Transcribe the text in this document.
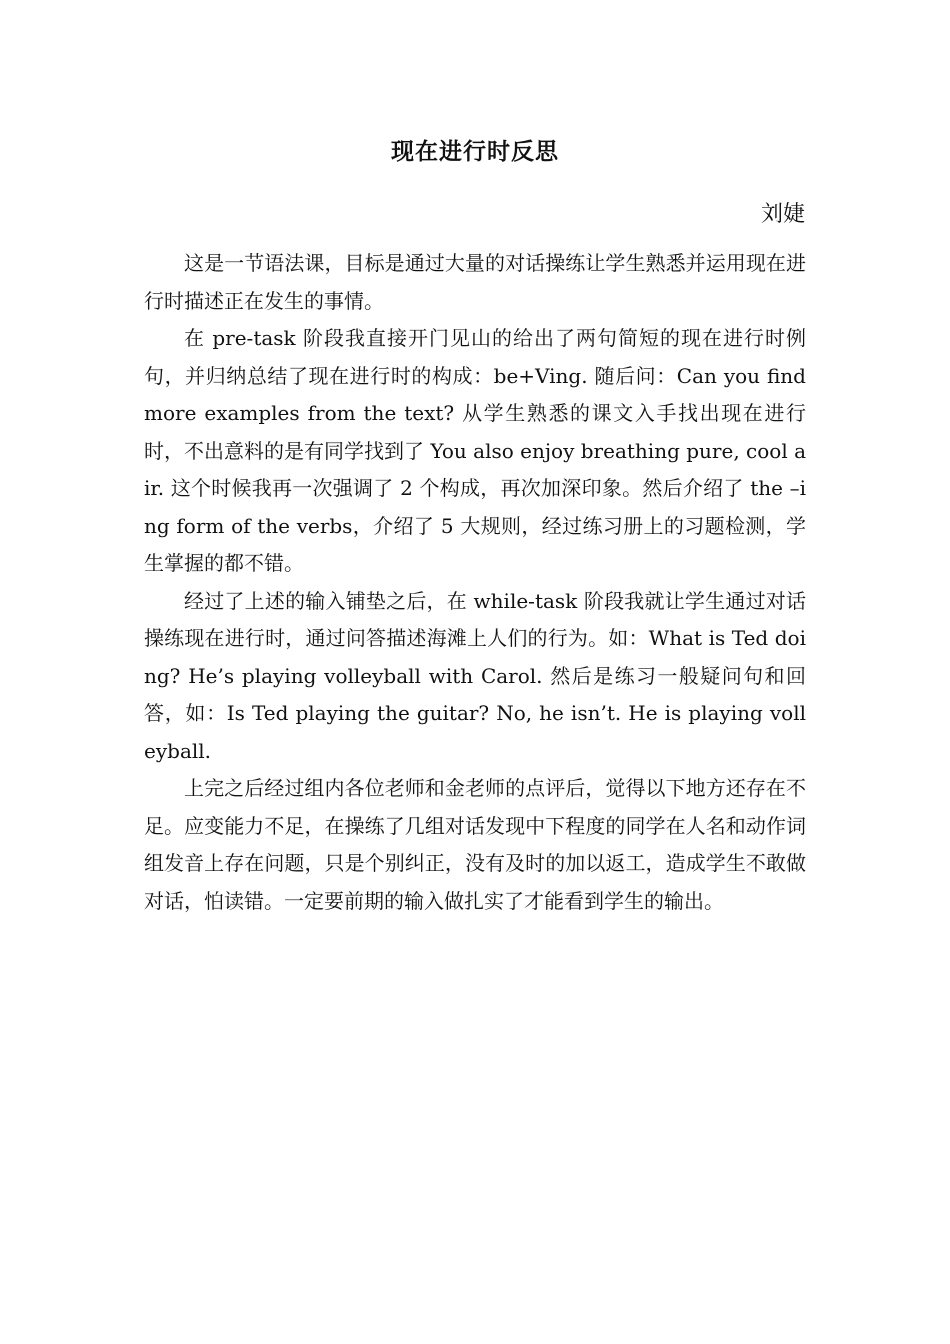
现在进行时反思
刘婕

这是一节语法课，目标是通过大量的对话操练让学生熟悉并运用现在进行时描述正在发生的事情。

在 pre-task 阶段我直接开门见山的给出了两句简短的现在进行时例句，并归纳总结了现在进行时的构成：be+Ving. 随后问：Can you find more examples from the text? 从学生熟悉的课文入手找出现在进行时，不出意料的是有同学找到了 You also enjoy breathing pure, cool air. 这个时候我再一次强调了 2 个构成，再次加深印象。然后介绍了 the –ing form of the verbs，介绍了 5 大规则，经过练习册上的习题检测，学生掌握的都不错。

经过了上述的输入铺垫之后，在 while-task 阶段我就让学生通过对话操练现在进行时，通过问答描述海滩上人们的行为。如：What is Ted doing? He’s playing volleyball with Carol. 然后是练习一般疑问句和回答，如：Is Ted playing the guitar? No, he isn’t. He is playing volleyball.

上完之后经过组内各位老师和金老师的点评后，觉得以下地方还存在不足。应变能力不足，在操练了几组对话发现中下程度的同学在人名和动作词组发音上存在问题，只是个别纠正，没有及时的加以返工，造成学生不敢做对话，怕读错。一定要前期的输入做扎实了才能看到学生的输出。
